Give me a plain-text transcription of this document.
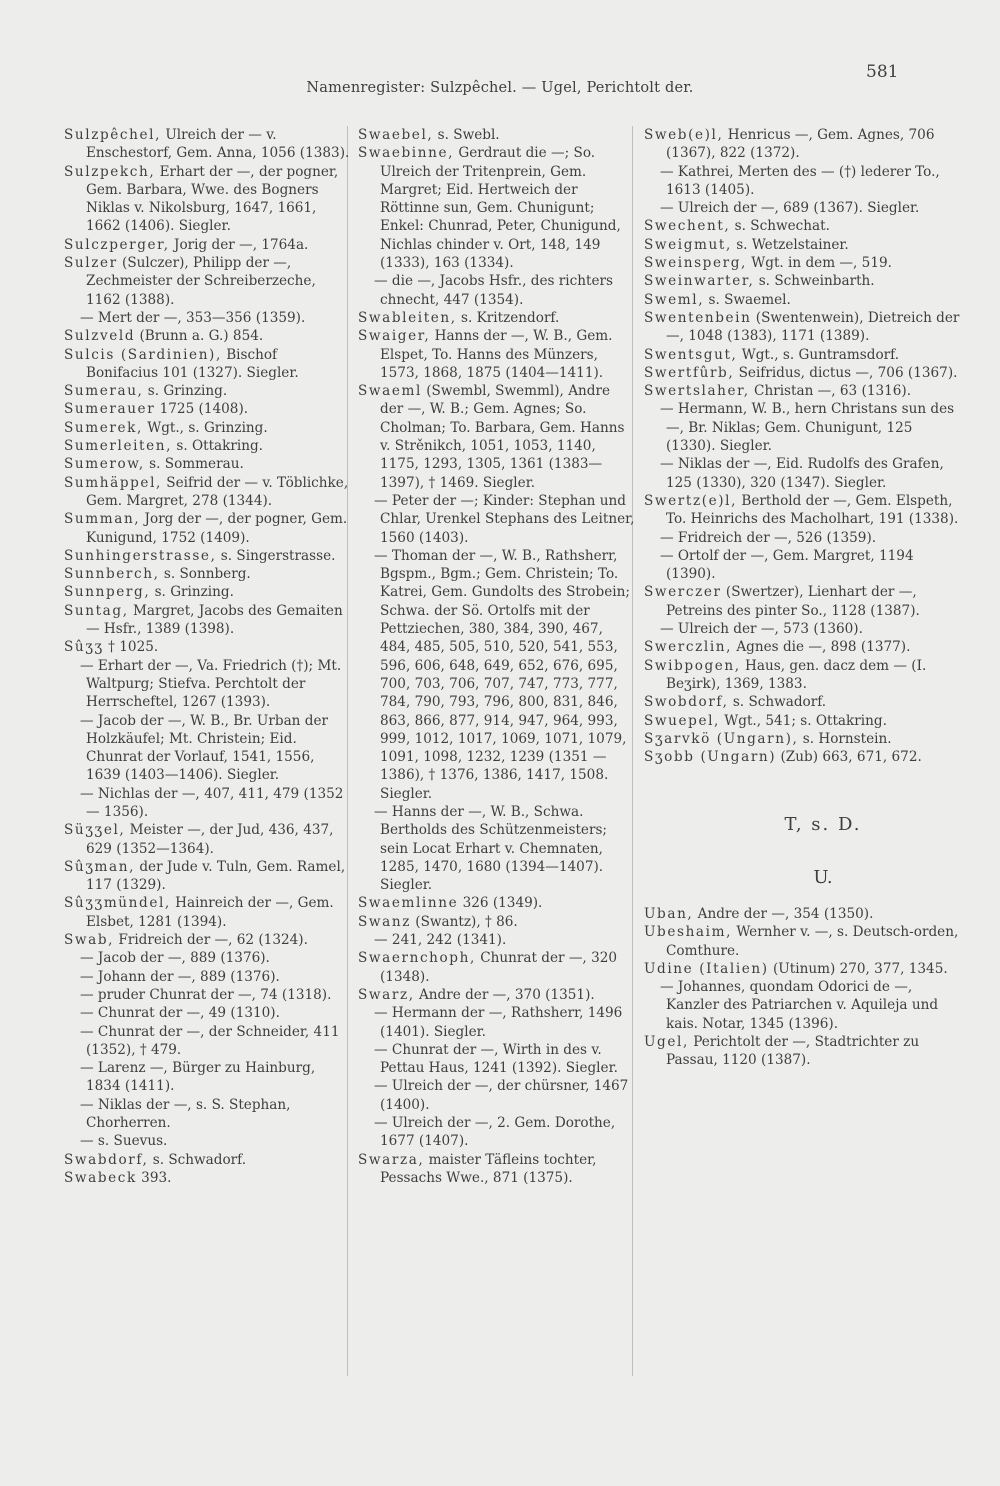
Namenregister: Sulzpêchel. — Ugel, Perichtolt der.
581
Sulzpêchel, Ulreich der — v. Enschestorf, Gem. Anna, 1056 (1383).
Sulzpekch, Erhart der —, der pogner, Gem. Barbara, Wwe. des Bogners Niklas v. Nikolsburg, 1647, 1661, 1662 (1406). Siegler.
Sulczperger, Jorig der —, 1764a.
Sulzer (Sulczer), Philipp der —, Zechmeister der Schreiberzeche, 1162 (1388).
— Mert der —, 353—356 (1359).
Sulzveld (Brunn a. G.) 854.
Sulcis (Sardinien), Bischof Bonifacius 101 (1327). Siegler.
Sumerau, s. Grinzing.
Sumerauer 1725 (1408).
Sumerek, Wgt., s. Grinzing.
Sumerleiten, s. Ottakring.
Sumerow, s. Sommerau.
Sumhäppel, Seifrid der — v. Töblichke, Gem. Margret, 278 (1344).
Summan, Jorg der —, der pogner, Gem. Kunigund, 1752 (1409).
Sunhingerstrasse, s. Singerstrasse.
Sunnberch, s. Sonnberg.
Sunnperg, s. Grinzing.
Suntag, Margret, Jacobs des Gemaiten — Hsfr., 1389 (1398).
Sûʒʒ † 1025.
— Erhart der —, Va. Friedrich (†); Mt. Waltpurg; Stiefva. Perchtolt der Herrscheftel, 1267 (1393).
— Jacob der —, W. B., Br. Urban der Holzkäufel; Mt. Christein; Eid. Chunrat der Vorlauf, 1541, 1556, 1639 (1403—1406). Siegler.
— Nichlas der —, 407, 411, 479 (1352 — 1356).
Süʒʒel, Meister —, der Jud, 436, 437, 629 (1352—1364).
Sûʒman, der Jude v. Tuln, Gem. Ramel, 117 (1329).
Sûʒʒmündel, Hainreich der —, Gem. Elsbet, 1281 (1394).
Swab, Fridreich der —, 62 (1324).
— Jacob der —, 889 (1376).
— Johann der —, 889 (1376).
— pruder Chunrat der —, 74 (1318).
— Chunrat der —, 49 (1310).
— Chunrat der —, der Schneider, 411 (1352), † 479.
— Larenz —, Bürger zu Hainburg, 1834 (1411).
— Niklas der —, s. S. Stephan, Chorherren.
— s. Suevus.
Swabdorf, s. Schwadorf.
Swabeck 393.
Swaebel, s. Swebl.
Swaebinne, Gerdraut die —; So. Ulreich der Tritenprein, Gem. Margret; Eid. Hertweich der Röttinne sun, Gem. Chunigunt; Enkel: Chunrad, Peter, Chunigund, Nichlas chinder v. Ort, 148, 149 (1333), 163 (1334).
— die —, Jacobs Hsfr., des richters chnecht, 447 (1354).
Swableiten, s. Kritzendorf.
Swaiger, Hanns der —, W. B., Gem. Elspet, To. Hanns des Münzers, 1573, 1868, 1875 (1404—1411).
Swaeml (Swembl, Swemml), Andre der —, W. B.; Gem. Agnes; So. Cholman; To. Barbara, Gem. Hanns v. Strěnikch, 1051, 1053, 1140, 1175, 1293, 1305, 1361 (1383—1397), † 1469. Siegler.
— Peter der —; Kinder: Stephan und Chlar, Urenkel Stephans des Leitner, 1560 (1403).
— Thoman der —, W. B., Rathsherr, Bgspm., Bgm.; Gem. Christein; To. Katrei, Gem. Gundolts des Strobein; Schwa. der Sö. Ortolfs mit der Pettziechen, 380, 384, 390, 467, 484, 485, 505, 510, 520, 541, 553, 596, 606, 648, 649, 652, 676, 695, 700, 703, 706, 707, 747, 773, 777, 784, 790, 793, 796, 800, 831, 846, 863, 866, 877, 914, 947, 964, 993, 999, 1012, 1017, 1069, 1071, 1079, 1091, 1098, 1232, 1239 (1351 — 1386), † 1376, 1386, 1417, 1508. Siegler.
— Hanns der —, W. B., Schwa. Bertholds des Schützenmeisters; sein Locat Erhart v. Chemnaten, 1285, 1470, 1680 (1394—1407). Siegler.
Swaemlinne 326 (1349).
Swanz (Swantz), † 86.
— 241, 242 (1341).
Swaernchoph, Chunrat der —, 320 (1348).
Swarz, Andre der —, 370 (1351).
— Hermann der —, Rathsherr, 1496 (1401). Siegler.
— Chunrat der —, Wirth in des v. Pettau Haus, 1241 (1392). Siegler.
— Ulreich der —, der chürsner, 1467 (1400).
— Ulreich der —, 2. Gem. Dorothe, 1677 (1407).
Swarza, maister Täfleins tochter, Pessachs Wwe., 871 (1375).
Sweb(e)l, Henricus —, Gem. Agnes, 706 (1367), 822 (1372).
— Kathrei, Merten des — (†) lederer To., 1613 (1405).
— Ulreich der —, 689 (1367). Siegler.
Swechent, s. Schwechat.
Sweigmut, s. Wetzelstainer.
Sweinsperg, Wgt. in dem —, 519.
Sweinwarter, s. Schweinbarth.
Sweml, s. Swaemel.
Swentenbein (Swentenwein), Dietreich der —, 1048 (1383), 1171 (1389).
Swentsgut, Wgt., s. Guntramsdorf.
Swertfûrb, Seifridus, dictus —, 706 (1367).
Swertslaher, Christan —, 63 (1316).
— Hermann, W. B., hern Christans sun des —, Br. Niklas; Gem. Chunigunt, 125 (1330). Siegler.
— Niklas der —, Eid. Rudolfs des Grafen, 125 (1330), 320 (1347). Siegler.
Swertz(e)l, Berthold der —, Gem. Elspeth, To. Heinrichs des Macholhart, 191 (1338).
— Fridreich der —, 526 (1359).
— Ortolf der —, Gem. Margret, 1194 (1390).
Swerczer (Swertzer), Lienhart der —, Petreins des pinter So., 1128 (1387).
— Ulreich der —, 573 (1360).
Swerczlin, Agnes die —, 898 (1377).
Swibpogen, Haus, gen. dacz dem — (I. Beʒirk), 1369, 1383.
Swobdorf, s. Schwadorf.
Swuepel, Wgt., 541; s. Ottakring.
Sʒarvkö (Ungarn), s. Hornstein.
Sʒobb (Ungarn) (Zub) 663, 671, 672.
T, s. D.
U.
Uban, Andre der —, 354 (1350).
Ubeshaim, Wernher v. —, s. Deutsch-orden, Comthure.
Udine (Italien) (Utinum) 270, 377, 1345.
— Johannes, quondam Odorici de —, Kanzler des Patriarchen v. Aquileja und kais. Notar, 1345 (1396).
Ugel, Perichtolt der —, Stadtrichter zu Passau, 1120 (1387).
